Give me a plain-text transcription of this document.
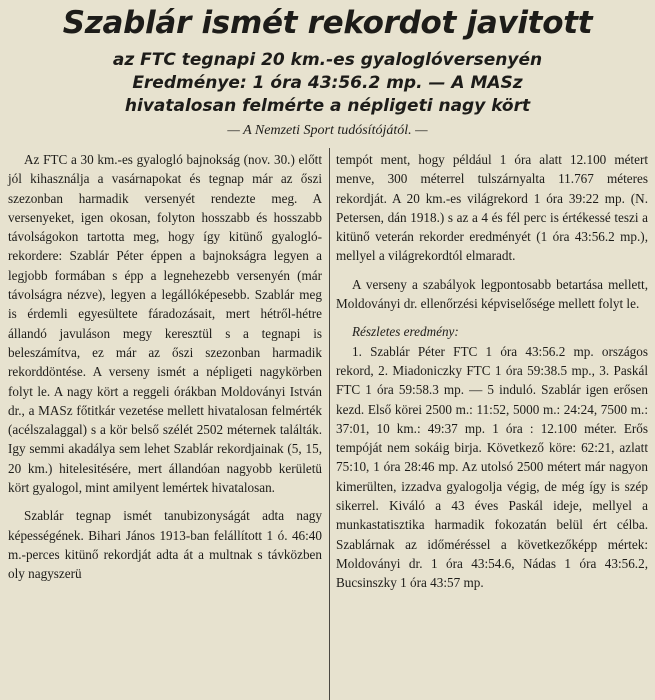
Szablár ismét rekordot javitott
az FTC tegnapi 20 km.-es gyaloglóversenyén
Eredménye: 1 óra 43:56.2 mp. — A MASz
hivatalosan felmérte a népligeti nagy kört
— A Nemzeti Sport tudósítójától. —

Az FTC a 30 km.-es gyalogló bajnokság (nov. 30.) előtt jól kihasználja a vasárnapokat és tegnap már az őszi szezonban harmadik versenyét rendezte meg. A versenyeket, igen okosan, folyton hosszabb és hosszabb távolságokon tartotta meg, hogy így kitünő gyalogló-rekordere: Szablár Péter éppen a bajnokságra legyen a legjobb formában s épp a legnehezebb versenyén (már távolságra nézve), legyen a legállóképesebb. Szablár meg is érdemli egyesültete fáradozásait, mert hétről-hétre állandó javuláson megy keresztül s a tegnapi is beleszámítva, ez már az őszi szezonban harmadik rekorddöntése. A verseny ismét a népligeti nagykörben folyt le. A nagy kört a reggeli órákban Moldoványi István dr., a MASz főtitkár vezetése mellett hivatalosan felmérték (acélszalaggal) s a kör belső szélét 2502 méternek találták. Igy semmi akadálya sem lehet Szablár rekordjainak (5, 15, 20 km.) hitelesitésére, mert állandóan nagyobb kerületü kört gyalogol, mint amilyent lemértek hivatalosan.

Szablár tegnap ismét tanubizonyságát adta nagy képességének. Bihari János 1913-ban felállított 1 ó. 46:40 m.-perces kitünő rekordját adta át a multnak s távközben oly nagyszerü

tempót ment, hogy például 1 óra alatt 12.100 métert menve, 300 méterrel tulszárnyalta 11.767 méteres rekordját. A 20 km.-es világrekord 1 óra 39:22 mp. (N. Petersen, dán 1918.) s az a 4 és fél perc is értékessé teszi a kitünő veterán rekorder eredményét (1 óra 43:56.2 mp.), mellyel a világrekordtól elmaradt.

A verseny a szabályok legpontosabb betartása mellett, Moldoványi dr. ellenőrzési képviselősége mellett folyt le.

Részletes eredmény:

1. Szablár Péter FTC 1 óra 43:56.2 mp. országos rekord, 2. Miadoniczky FTC 1 óra 59:38.5 mp., 3. Paskál FTC 1 óra 59:58.3 mp. — 5 induló. Szablár igen erősen kezd. Első körei 2500 m.: 11:52, 5000 m.: 24:24, 7500 m.: 37:01, 10 km.: 49:37 mp. 1 óra : 12.100 méter. Erős tempóját nem sokáig birja. Következő köre: 62:21, azlatt 75:10, 1 óra 28:46 mp. Az utolsó 2500 métert már nagyon kimerülten, izzadva gyalogolja végig, de még így is szép sikerrel. Kiváló a 43 éves Paskál ideje, mellyel a munkastatisztika harmadik fokozatán belül ért célba. Szablárnak az időméréssel a következőképp mértek: Moldoványi dr. 1 óra 43:54.6, Nádas 1 óra 43:56.2, Bucsinszky 1 óra 43:57 mp.
